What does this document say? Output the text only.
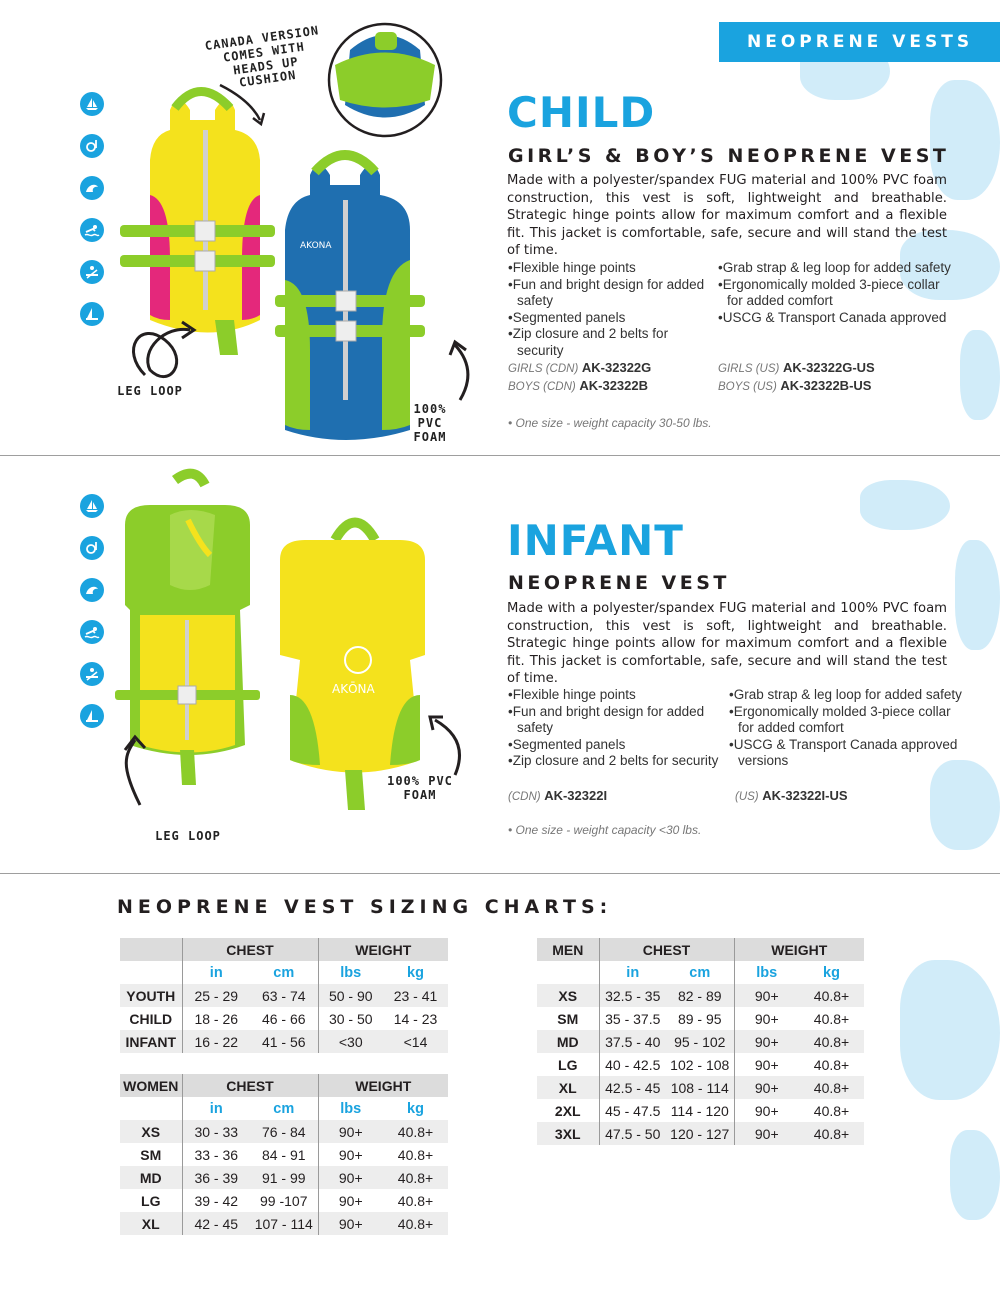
NEOPRENE VESTS
AKONA
CANADA VERSION COMES WITH HEADS UP CUSHION
LEG LOOP
100% PVC FOAM
CHILD
GIRL’S & BOY’S NEOPRENE VEST
Made with a polyester/spandex FUG material and 100% PVC foam construction, this vest is soft, lightweight and breathable. Strategic hinge points allow for maximum comfort and a flexible fit. This jacket is comfortable, safe, secure and will stand the test of time.
• Flexible hinge points
• Fun and bright design for added safety
• Segmented panels
• Zip closure and 2 belts for security
• Grab strap & leg loop for added safety
• Ergonomically molded 3-piece collar for added comfort
• USCG & Transport Canada approved
GIRLS (CDN) AK-32322G
BOYS (CDN) AK-32322B
GIRLS (US) AK-32322G-US
BOYS (US) AK-32322B-US
• One size - weight capacity 30-50 lbs.
AKŌNA
LEG LOOP
100% PVC FOAM
INFANT
NEOPRENE VEST
Made with a polyester/spandex FUG material and 100% PVC foam construction, this vest is soft, lightweight and breathable. Strategic hinge points allow for maximum comfort and a flexible fit. This jacket is comfortable, safe, secure and will stand the test of time.
• Flexible hinge points
• Fun and bright design for added safety
• Segmented panels
• Zip closure and 2 belts for security
• Grab strap & leg loop for added safety
• Ergonomically molded 3-piece collar for added comfort
• USCG & Transport Canada approved versions
(CDN) AK-32322I	(US) AK-32322I-US
• One size - weight capacity <30 lbs.
NEOPRENE VEST SIZING CHARTS:
	CHEST		WEIGHT	
	in	cm	lbs	kg
YOUTH	25 - 29	63 - 74	50 - 90	23 - 41
CHILD	18 - 26	46 - 66	30 - 50	14 - 23
INFANT	16 - 22	41 - 56	<30	<14
WOMEN	CHEST		WEIGHT	
	in	cm	lbs	kg
XS	30 - 33	76 - 84	90+	40.8+
SM	33 - 36	84 - 91	90+	40.8+
MD	36 - 39	91 - 99	90+	40.8+
LG	39 - 42	99 -107	90+	40.8+
XL	42 - 45	107 - 114	90+	40.8+
MEN	CHEST		WEIGHT	
	in	cm	lbs	kg
XS	32.5 - 35	82 - 89	90+	40.8+
SM	35 - 37.5	89 - 95	90+	40.8+
MD	37.5 - 40	95 - 102	90+	40.8+
LG	40 - 42.5	102 - 108	90+	40.8+
XL	42.5 - 45	108 - 114	90+	40.8+
2XL	45 - 47.5	114 - 120	90+	40.8+
3XL	47.5 - 50	120 - 127	90+	40.8+
